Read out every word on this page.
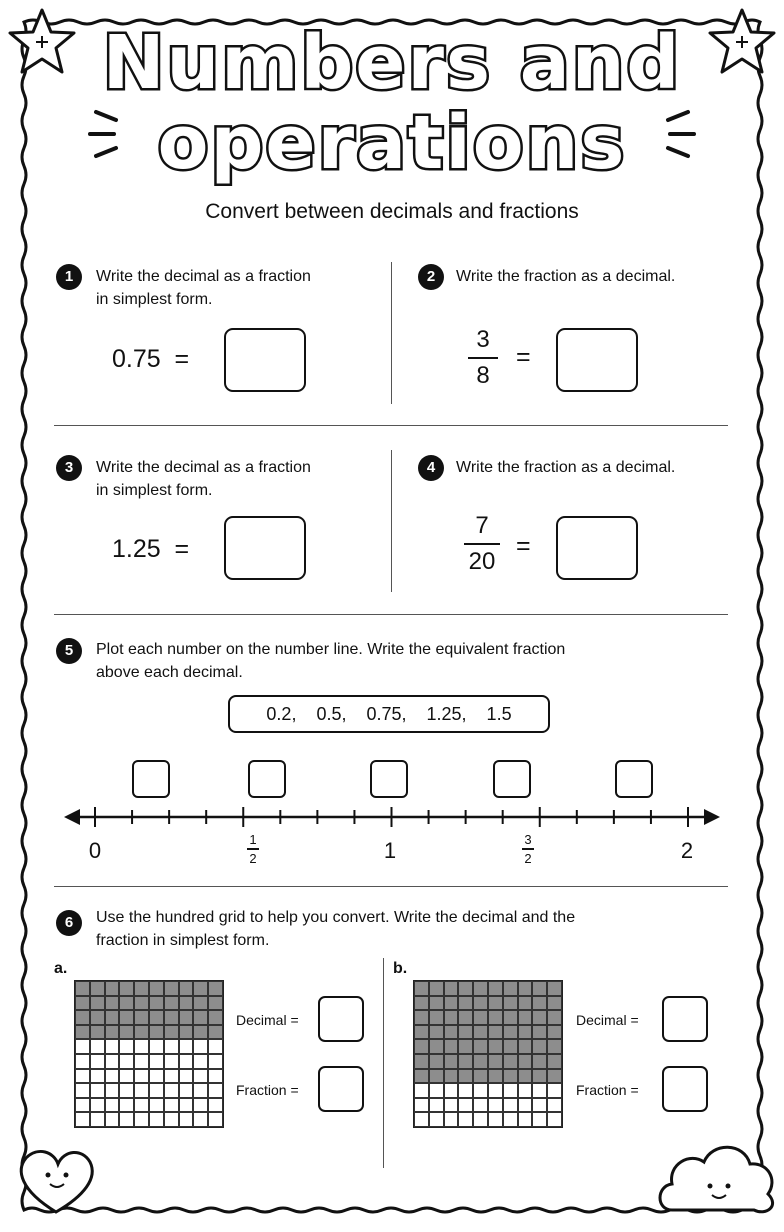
Numbers and
operations
Convert between decimals and fractions
1	Write the decimal as a fraction
in simplest form.
0.75  =
2	Write the fraction as a decimal.
3
8
=
3	Write the decimal as a fraction
in simplest form.
1.25  =
4	Write the fraction as a decimal.
7
20
=
5	Plot each number on the number line. Write the equivalent fraction
above each decimal.
0.2,    0.5,    0.75,    1.25,    1.5
0	1	2
1
2
3
2
6	Use the hundred grid to help you convert. Write the decimal and the
fraction in simplest form.
a.
Decimal =
Fraction =
b.
Decimal =
Fraction =
